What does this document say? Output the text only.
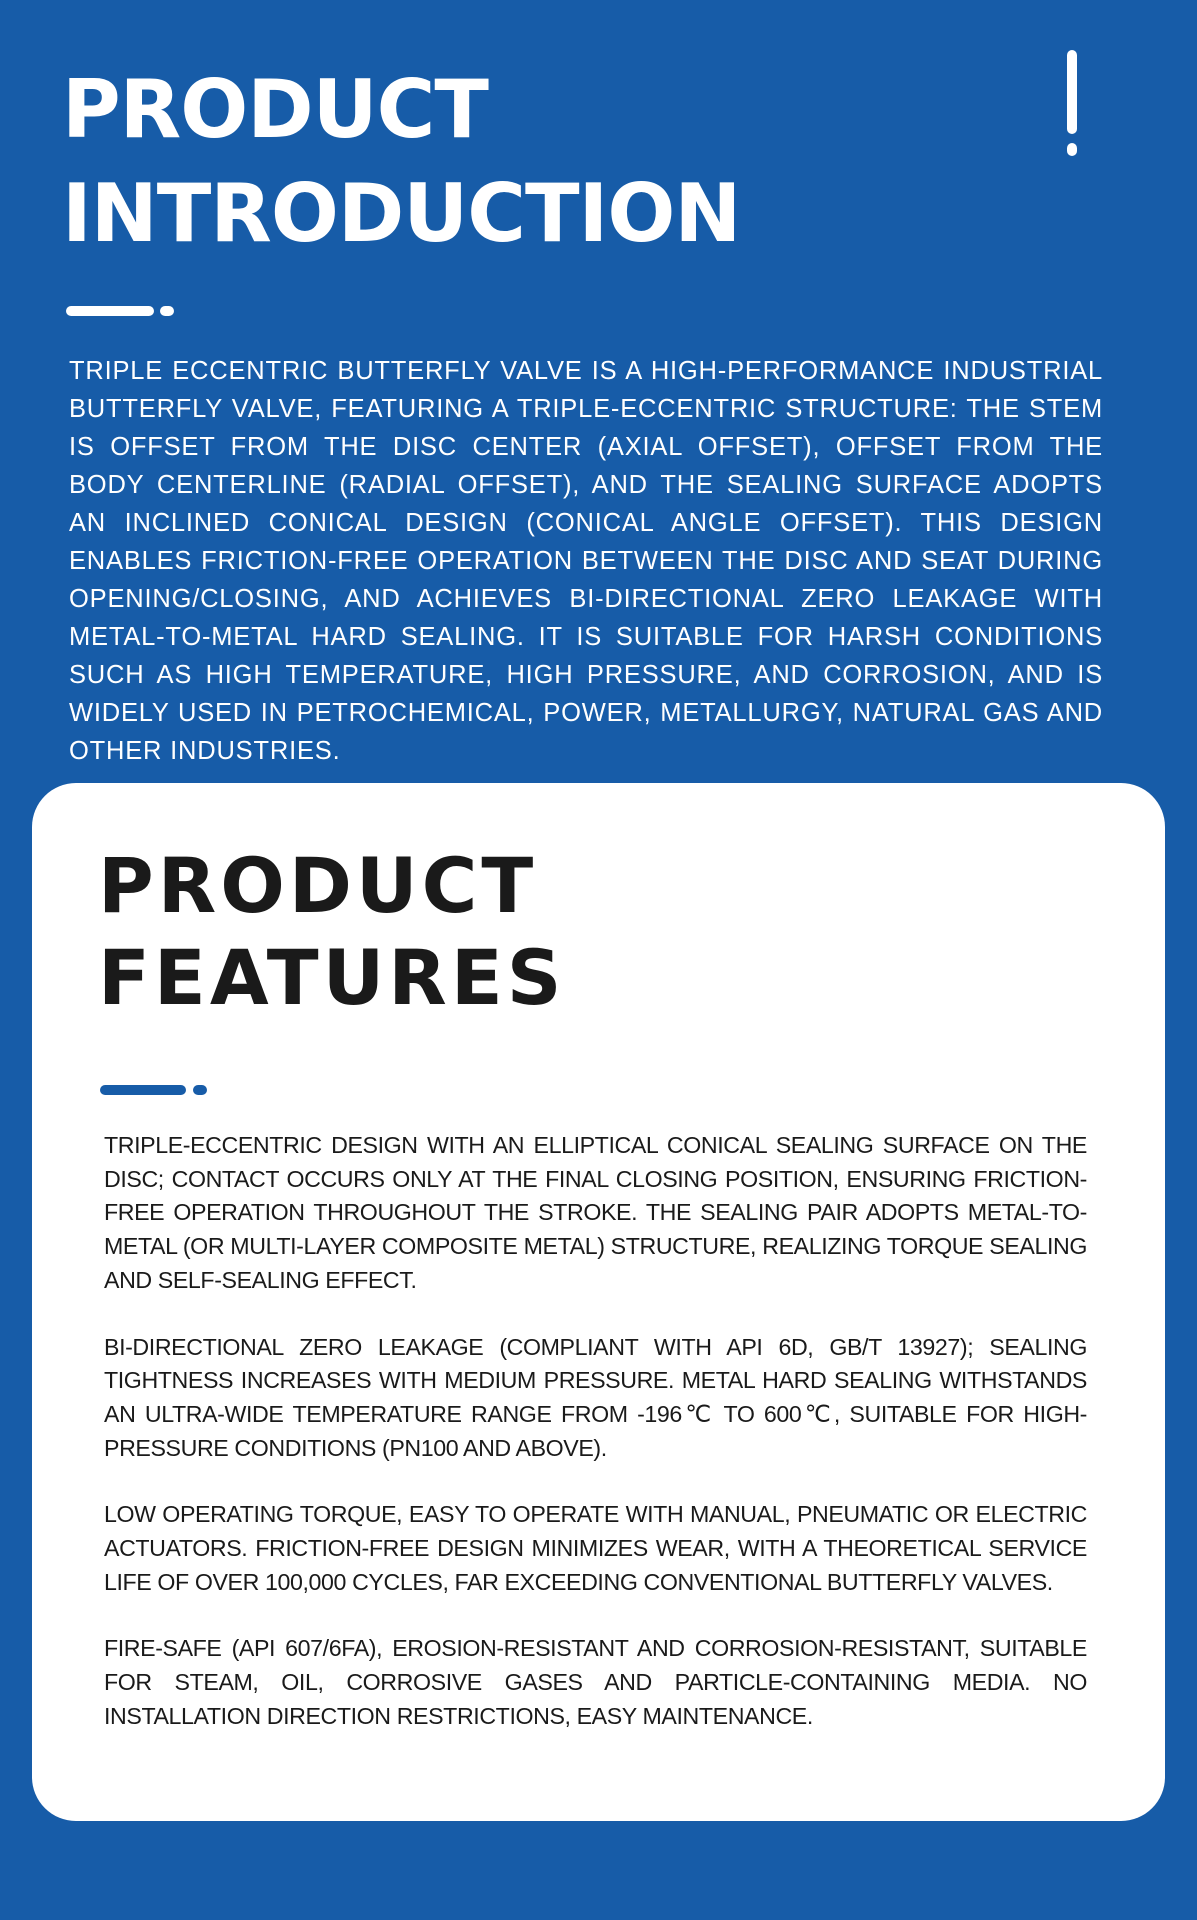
PRODUCT
INTRODUCTION

TRIPLE ECCENTRIC BUTTERFLY VALVE IS A HIGH-PERFORMANCE INDUSTRIAL BUTTERFLY VALVE, FEATURING A TRIPLE-ECCENTRIC STRUCTURE: THE STEM IS OFFSET FROM THE DISC CENTER (AXIAL OFFSET), OFFSET FROM THE BODY CENTERLINE (RADIAL OFFSET), AND THE SEALING SURFACE ADOPTS AN INCLINED CONICAL DESIGN (CONICAL ANGLE OFFSET). THIS DESIGN ENABLES FRICTION-FREE OPERATION BETWEEN THE DISC AND SEAT DURING OPENING/CLOSING, AND ACHIEVES BI-DIRECTIONAL ZERO LEAKAGE WITH METAL-TO-METAL HARD SEALING. IT IS SUITABLE FOR HARSH CONDITIONS SUCH AS HIGH TEMPERATURE, HIGH PRESSURE, AND CORROSION, AND IS WIDELY USED IN PETROCHEMICAL, POWER, METALLURGY, NATURAL GAS AND OTHER INDUSTRIES.

PRODUCT
FEATURES
TRIPLE-ECCENTRIC DESIGN WITH AN ELLIPTICAL CONICAL SEALING SURFACE ON THE DISC; CONTACT OCCURS ONLY AT THE FINAL CLOSING POSITION, ENSURING FRICTION-FREE OPERATION THROUGHOUT THE STROKE. THE SEALING PAIR ADOPTS METAL-TO-METAL (OR MULTI-LAYER COMPOSITE METAL) STRUCTURE, REALIZING TORQUE SEALING AND SELF-SEALING EFFECT.
BI-DIRECTIONAL ZERO LEAKAGE (COMPLIANT WITH API 6D, GB/T 13927); SEALING TIGHTNESS INCREASES WITH MEDIUM PRESSURE. METAL HARD SEALING WITHSTANDS AN ULTRA-WIDE TEMPERATURE RANGE FROM -196℃ TO 600℃, SUITABLE FOR HIGH-PRESSURE CONDITIONS (PN100 AND ABOVE).
LOW OPERATING TORQUE, EASY TO OPERATE WITH MANUAL, PNEUMATIC OR ELECTRIC ACTUATORS. FRICTION-FREE DESIGN MINIMIZES WEAR, WITH A THEORETICAL SERVICE LIFE OF OVER 100,000 CYCLES, FAR EXCEEDING CONVENTIONAL BUTTERFLY VALVES.
FIRE-SAFE (API 607/6FA), EROSION-RESISTANT AND CORROSION-RESISTANT, SUITABLE FOR STEAM, OIL, CORROSIVE GASES AND PARTICLE-CONTAINING MEDIA. NO INSTALLATION DIRECTION RESTRICTIONS, EASY MAINTENANCE.
